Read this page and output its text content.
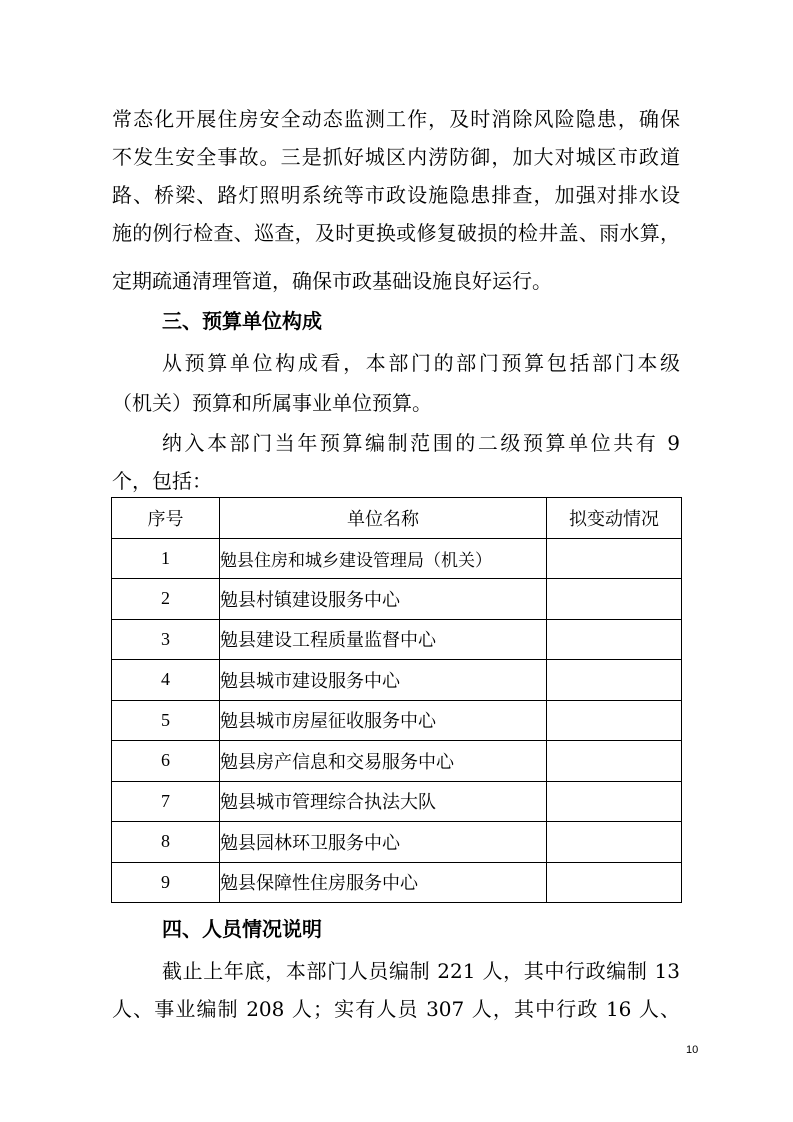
常态化开展住房安全动态监测工作，及时消除风险隐患，确保
不发生安全事故。三是抓好城区内涝防御，加大对城区市政道
路、桥梁、路灯照明系统等市政设施隐患排查，加强对排水设
施的例行检查、巡查，及时更换或修复破损的检井盖、雨水算，
定期疏通清理管道，确保市政基础设施良好运行。
三、预算单位构成
从预算单位构成看，本部门的部门预算包括部门本级
（机关）预算和所属事业单位预算。
纳入本部门当年预算编制范围的二级预算单位共有 9
个，包括：
序号	单位名称	拟变动情况
1	勉县住房和城乡建设管理局（机关）	
2	勉县村镇建设服务中心	
3	勉县建设工程质量监督中心	
4	勉县城市建设服务中心	
5	勉县城市房屋征收服务中心	
6	勉县房产信息和交易服务中心	
7	勉县城市管理综合执法大队	
8	勉县园林环卫服务中心	
9	勉县保障性住房服务中心	
四、人员情况说明
截止上年底，本部门人员编制 221 人，其中行政编制 13
人、事业编制 208 人；实有人员 307 人，其中行政 16 人、
10
